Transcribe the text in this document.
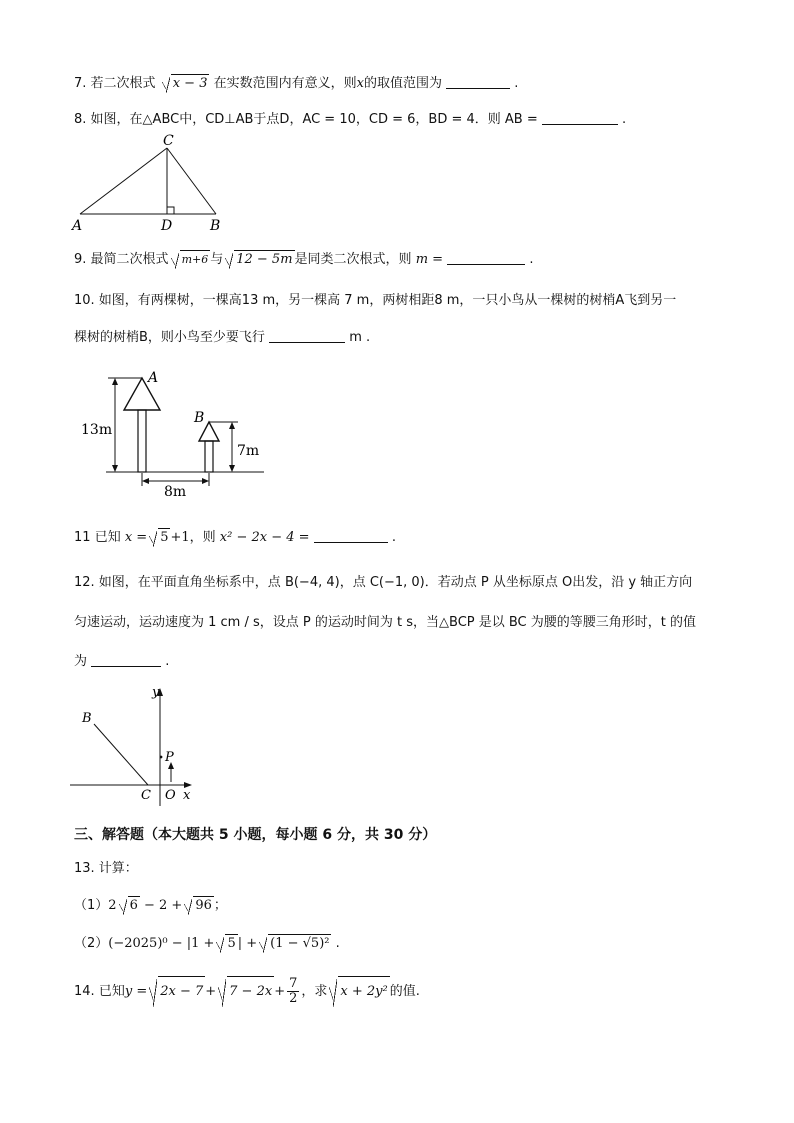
7. 若二次根式 x − 3 在实数范围内有意义，则x的取值范围为	.
8. 如图，在△ABC中，CD⊥AB于点D，AC = 10，CD = 6，BD = 4．则 AB =	.
C
A	D	B
9. 最简二次根式 m+6 与 12 − 5m 是同类二次根式，则 m =	.
10. 如图，有两棵树，一棵高13 m，另一棵高 7 m，两树相距8 m，一只小鸟从一棵树的树梢A飞到另一
棵树的树梢B，则小鸟至少要飞行	m .
A
13m
B
7m
8m
11 已知 x = 5 +1，则 x² − 2x − 4 =	.
12. 如图，在平面直角坐标系中，点 B(−4, 4)，点 C(−1, 0)．若动点 P 从坐标原点 O出发，沿 y 轴正方向
匀速运动，运动速度为 1 cm / s，设点 P 的运动时间为 t s，当△BCP 是以 BC 为腰的等腰三角形时，t 的值
为	.
B
C O x
y
P
三、解答题（本大题共 5 小题，每小题 6 分，共 30 分）
13. 计算：
（1）2 6 − 2 + 96 ；
（2）(−2025)⁰ − |1 + 5 | + (1 − √5)² .
14. 已知$y = 2x - 7 + 7 - 2x + \frac{7}{2}$ ，求 x + 2y² 的值.
